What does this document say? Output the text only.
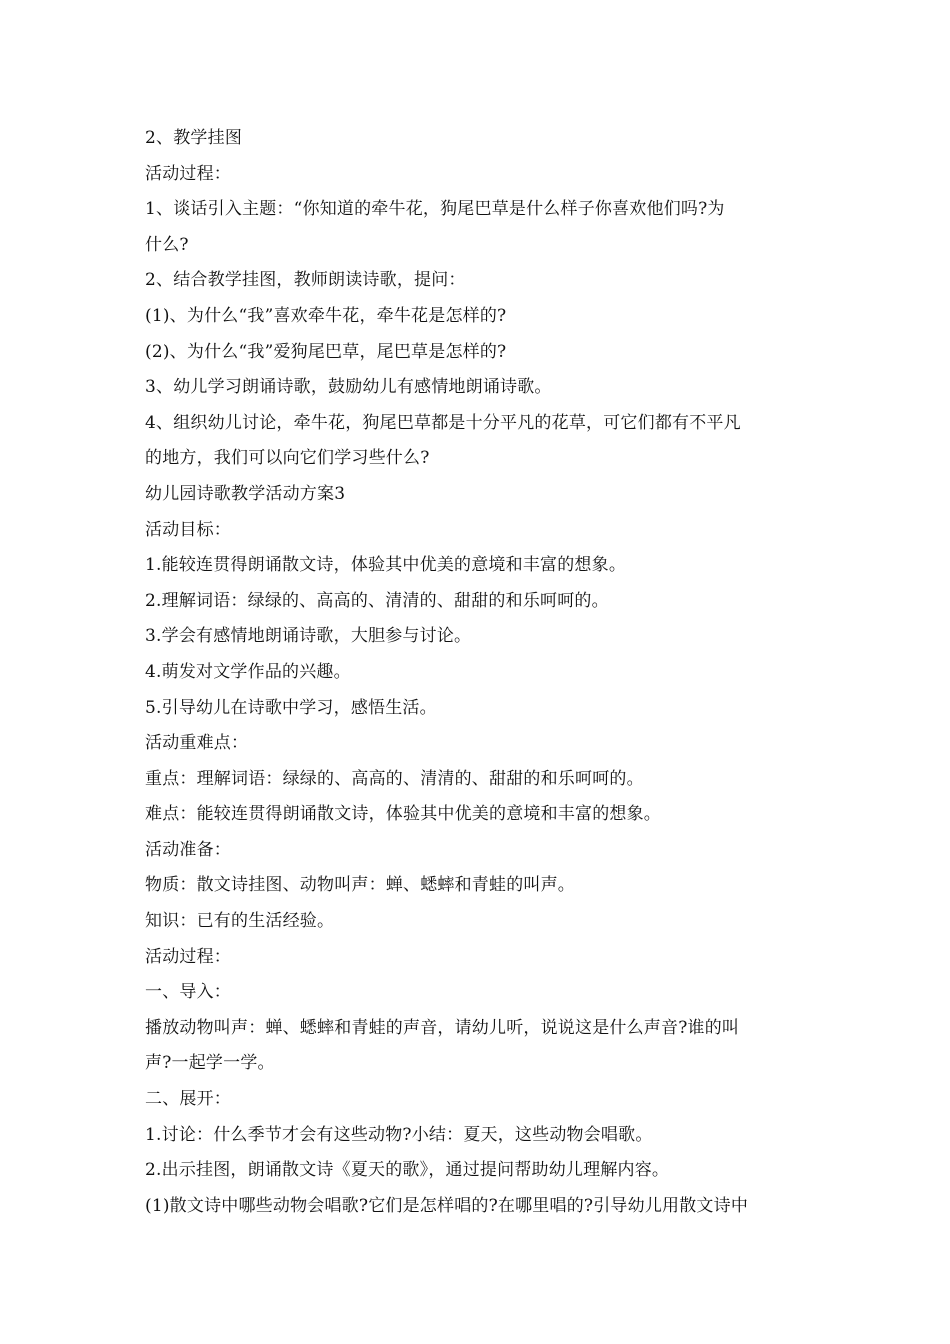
2、教学挂图
活动过程：
1、谈话引入主题：“你知道的牵牛花，狗尾巴草是什么样子你喜欢他们吗?为
什么?
2、结合教学挂图，教师朗读诗歌，提问：
(1)、为什么“我”喜欢牵牛花，牵牛花是怎样的?
(2)、为什么“我”爱狗尾巴草，尾巴草是怎样的?
3、幼儿学习朗诵诗歌，鼓励幼儿有感情地朗诵诗歌。
4、组织幼儿讨论，牵牛花，狗尾巴草都是十分平凡的花草，可它们都有不平凡
的地方，我们可以向它们学习些什么?
幼儿园诗歌教学活动方案3
活动目标：
1.能较连贯得朗诵散文诗，体验其中优美的意境和丰富的想象。
2.理解词语：绿绿的、高高的、清清的、甜甜的和乐呵呵的。
3.学会有感情地朗诵诗歌，大胆参与讨论。
4.萌发对文学作品的兴趣。
5.引导幼儿在诗歌中学习，感悟生活。
活动重难点：
重点：理解词语：绿绿的、高高的、清清的、甜甜的和乐呵呵的。
难点：能较连贯得朗诵散文诗，体验其中优美的意境和丰富的想象。
活动准备：
物质：散文诗挂图、动物叫声：蝉、蟋蟀和青蛙的叫声。
知识：已有的生活经验。
活动过程：
一、导入：
播放动物叫声：蝉、蟋蟀和青蛙的声音，请幼儿听，说说这是什么声音?谁的叫
声?一起学一学。
二、展开：
1.讨论：什么季节才会有这些动物?小结：夏天，这些动物会唱歌。
2.出示挂图，朗诵散文诗《夏天的歌》，通过提问帮助幼儿理解内容。
(1)散文诗中哪些动物会唱歌?它们是怎样唱的?在哪里唱的?引导幼儿用散文诗中
